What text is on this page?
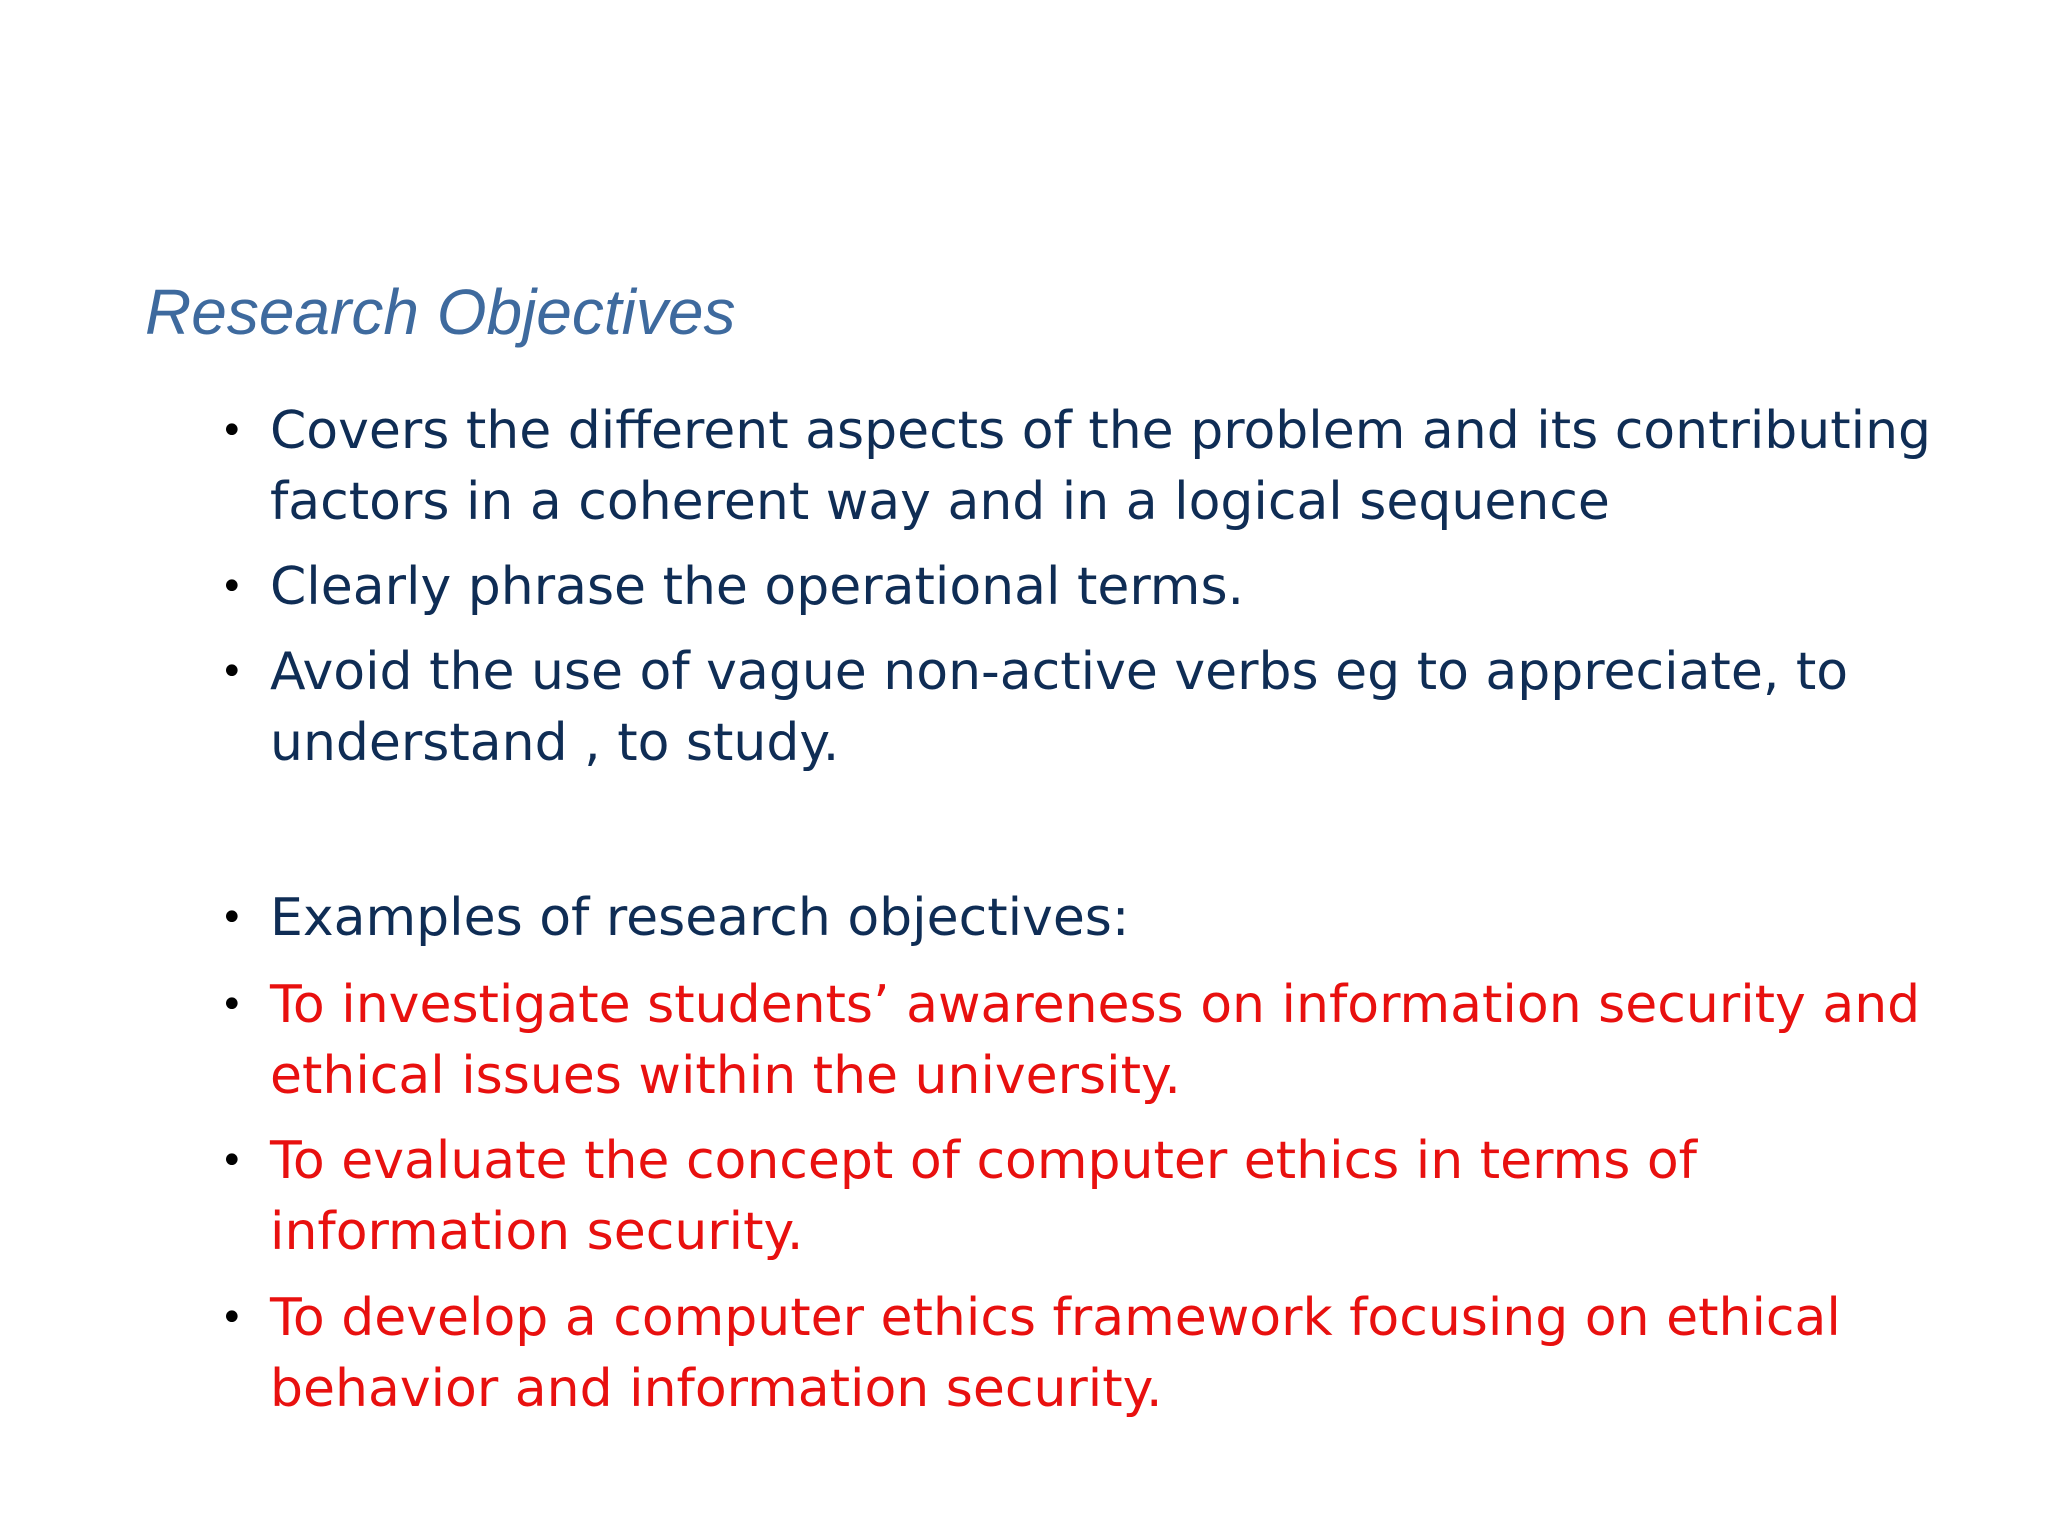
Research Objectives
• Covers the different aspects of the problem and its contributing
factors in a coherent way and in a logical sequence
• Clearly phrase the operational terms.
• Avoid the use of vague non-active verbs eg to appreciate, to
understand , to study.
• Examples of research objectives:
• To investigate students’ awareness on information security and
ethical issues within the university.
• To evaluate the concept of computer ethics in terms of
information security.
• To develop a computer ethics framework focusing on ethical
behavior and information security.
